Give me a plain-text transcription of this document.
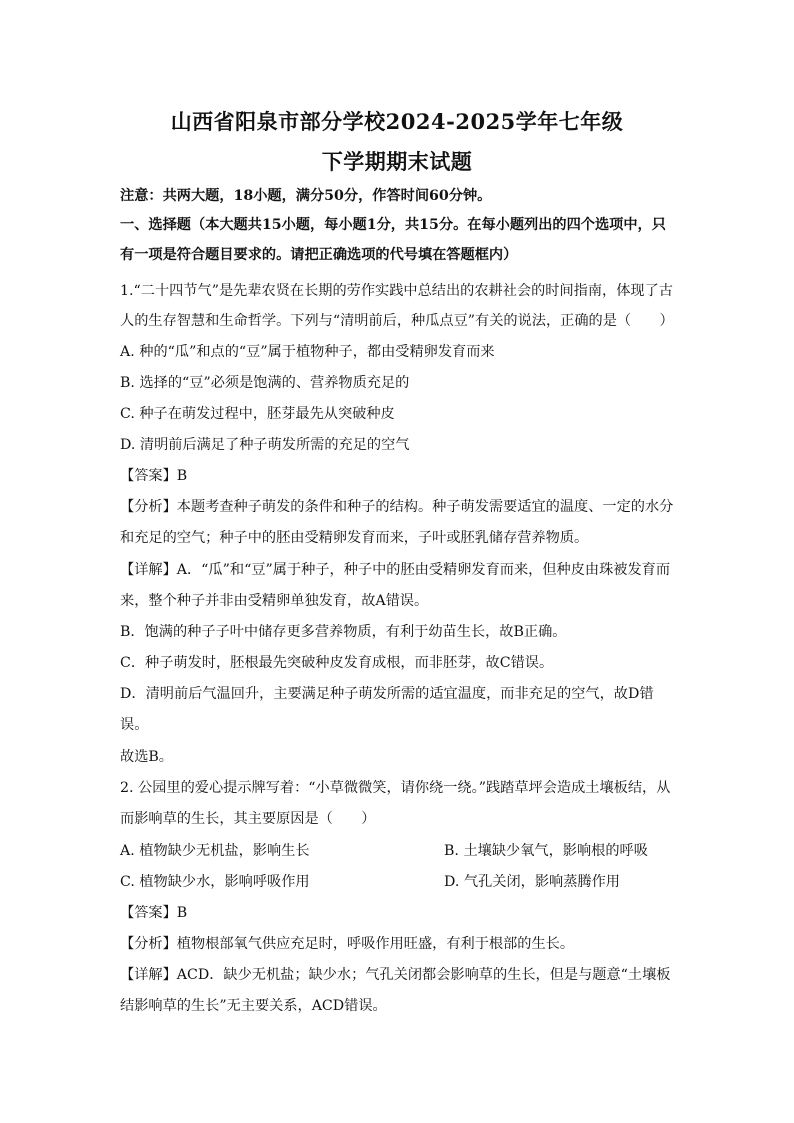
山西省阳泉市部分学校2024-2025学年七年级
下学期期末试题
注意：共两大题，18小题，满分50分，作答时间60分钟。
一、选择题（本大题共15小题，每小题1分，共15分。在每小题列出的四个选项中，只
有一项是符合题目要求的。请把正确选项的代号填在答题框内）
1.“二十四节气”是先辈农贤在长期的劳作实践中总结出的农耕社会的时间指南，体现了古
人的生存智慧和生命哲学。下列与“清明前后，种瓜点豆”有关的说法，正确的是（　　）
A. 种的“瓜”和点的“豆”属于植物种子，都由受精卵发育而来
B. 选择的“豆”必须是饱满的、营养物质充足的
C. 种子在萌发过程中，胚芽最先从突破种皮
D. 清明前后满足了种子萌发所需的充足的空气
【答案】B
【分析】本题考查种子萌发的条件和种子的结构。种子萌发需要适宜的温度、一定的水分
和充足的空气；种子中的胚由受精卵发育而来，子叶或胚乳储存营养物质。
【详解】A．“瓜”和“豆”属于种子，种子中的胚由受精卵发育而来，但种皮由珠被发育而
来，整个种子并非由受精卵单独发育，故A错误。
B．饱满的种子子叶中储存更多营养物质，有利于幼苗生长，故B正确。
C．种子萌发时，胚根最先突破种皮发育成根，而非胚芽，故C错误。
D．清明前后气温回升，主要满足种子萌发所需的适宜温度，而非充足的空气，故D错
误。
故选B。
2. 公园里的爱心提示牌写着：“小草微微笑，请你绕一绕。”践踏草坪会造成土壤板结，从
而影响草的生长，其主要原因是（　　）
A. 植物缺少无机盐，影响生长	B. 土壤缺少氧气，影响根的呼吸
C. 植物缺少水，影响呼吸作用	D. 气孔关闭，影响蒸腾作用
【答案】B
【分析】植物根部氧气供应充足时，呼吸作用旺盛，有利于根部的生长。
【详解】ACD．缺少无机盐；缺少水；气孔关闭都会影响草的生长，但是与题意“土壤板
结影响草的生长”无主要关系，ACD错误。
